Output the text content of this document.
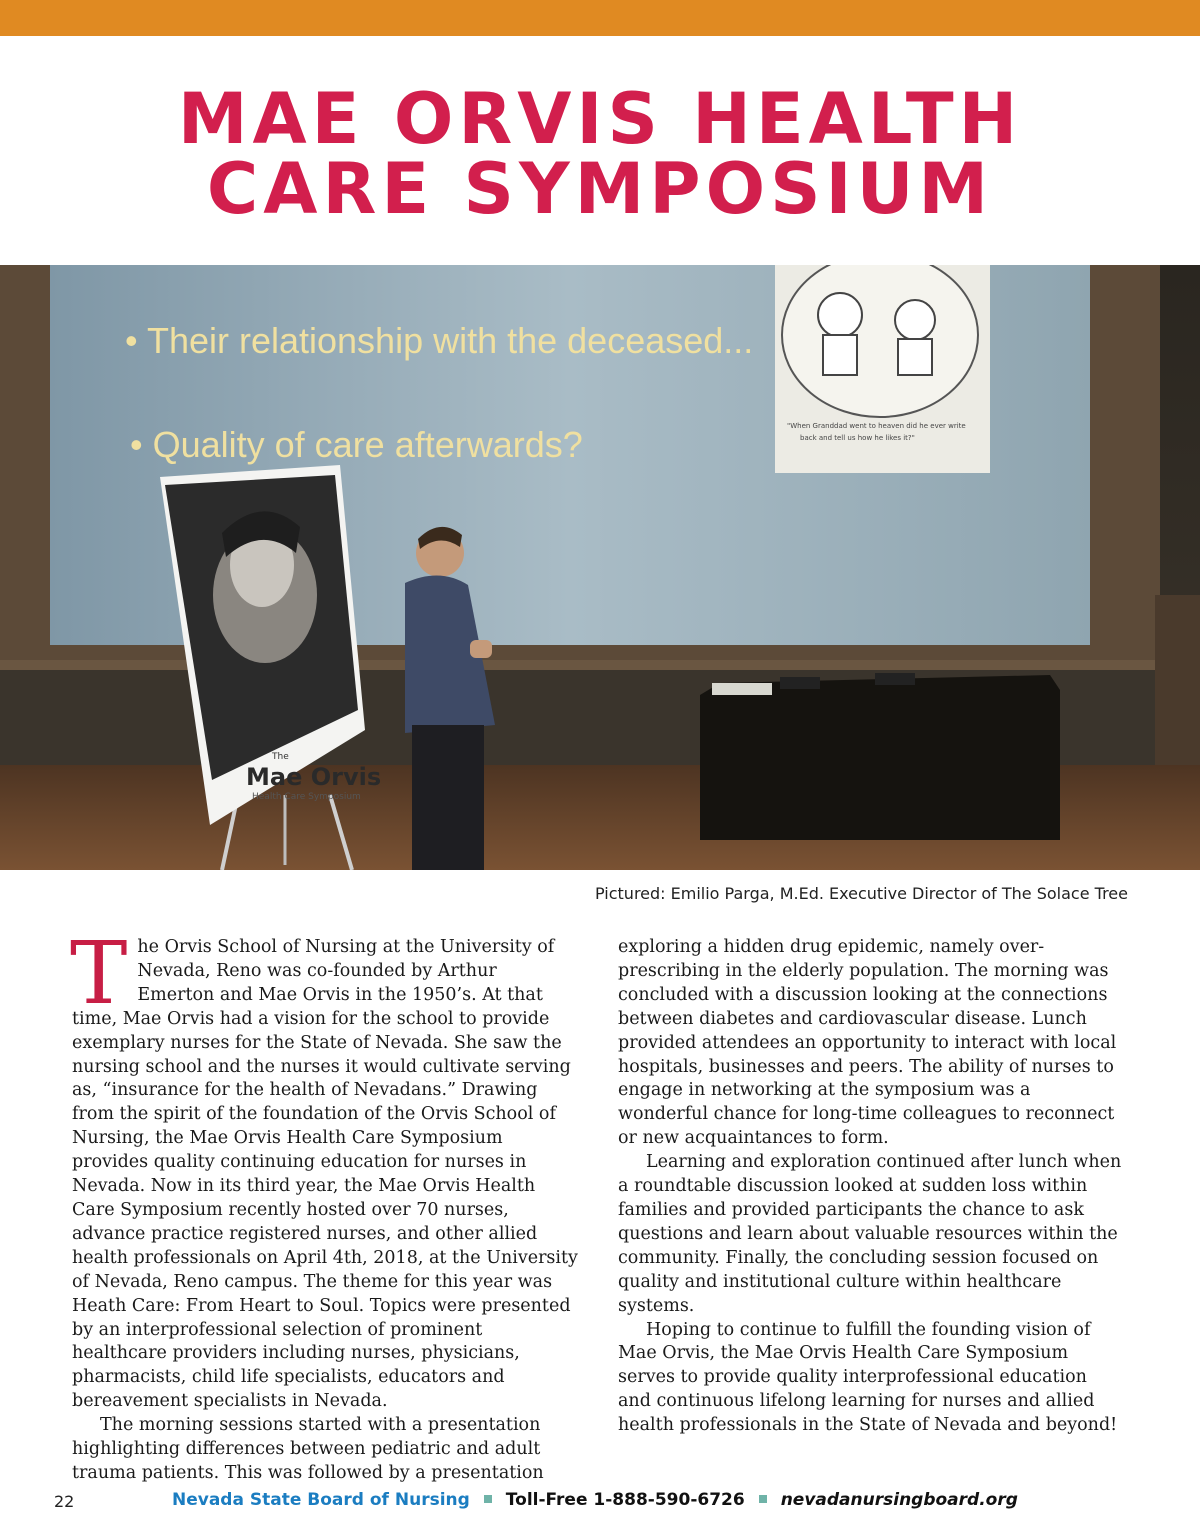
MAE ORVIS HEALTH
CARE SYMPOSIUM
• Their relationship with the deceased...
• Quality of care afterwards?	"When Granddad went to heaven did he ever write
back and tell us how he likes it?"
The
Mae Orvis
Health Care Symposium
Pictured: Emilio Parga, M.Ed. Executive Director of The Solace Tree

The Orvis School of Nursing at the University of Nevada, Reno was co-founded by Arthur Emerton and Mae Orvis in the 1950’s. At that time, Mae Orvis had a vision for the school to provide exemplary nurses for the State of Nevada. She saw the nursing school and the nurses it would cultivate serving as, “insurance for the health of Nevadans.” Drawing from the spirit of the foundation of the Orvis School of Nursing, the Mae Orvis Health Care Symposium provides quality continuing education for nurses in Nevada. Now in its third year, the Mae Orvis Health Care Symposium recently hosted over 70 nurses, advance practice registered nurses, and other allied health professionals on April 4th, 2018, at the University of Nevada, Reno campus. The theme for this year was Heath Care: From Heart to Soul. Topics were presented by an interprofessional selection of prominent healthcare providers including nurses, physicians, pharmacists, child life specialists, educators and bereavement specialists in Nevada.

The morning sessions started with a presentation highlighting differences between pediatric and adult trauma patients. This was followed by a presentation

exploring a hidden drug epidemic, namely over-prescribing in the elderly population. The morning was concluded with a discussion looking at the connections between diabetes and cardiovascular disease. Lunch provided attendees an opportunity to interact with local hospitals, businesses and peers. The ability of nurses to engage in networking at the symposium was a wonderful chance for long-time colleagues to reconnect or new acquaintances to form.

Learning and exploration continued after lunch when a roundtable discussion looked at sudden loss within families and provided participants the chance to ask questions and learn about valuable resources within the community. Finally, the concluding session focused on quality and institutional culture within healthcare systems.

Hoping to continue to fulfill the founding vision of Mae Orvis, the Mae Orvis Health Care Symposium serves to provide quality interprofessional education and continuous lifelong learning for nurses and allied health professionals in the State of Nevada and beyond!

22	Nevada State Board of Nursing Toll-Free 1-888-590-6726 nevadanursingboard.org
